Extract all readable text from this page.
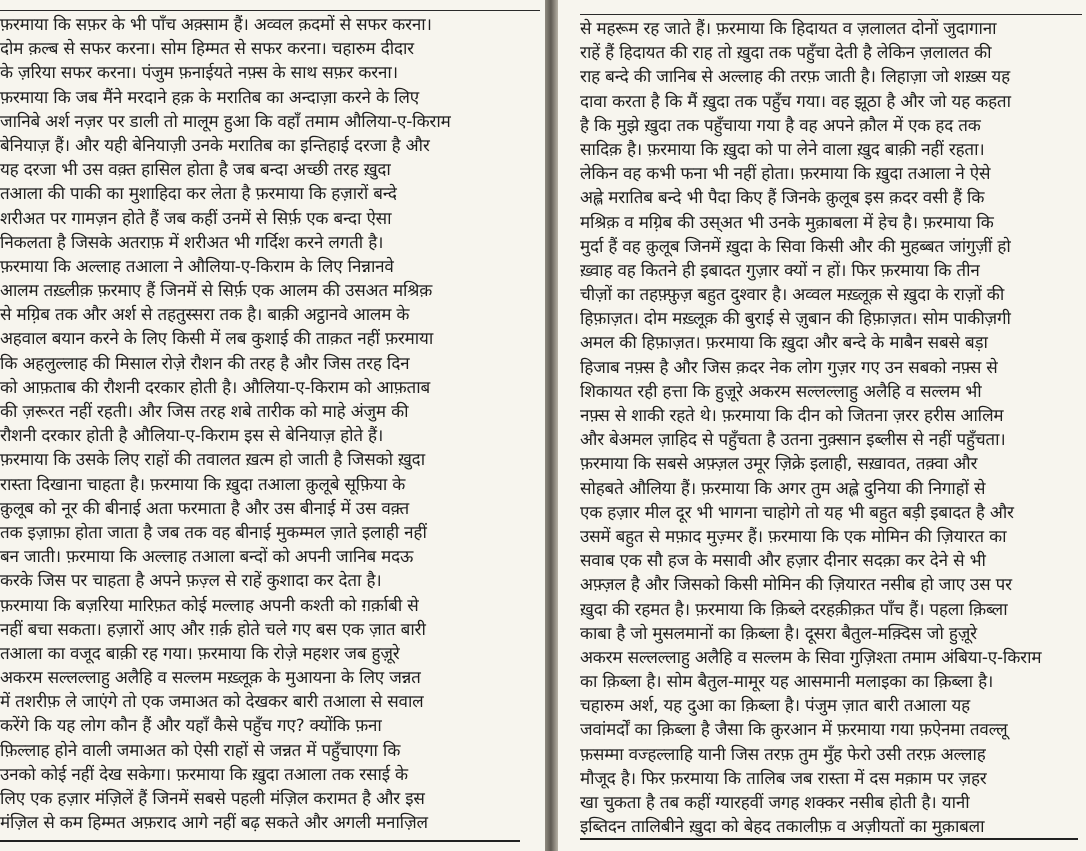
फ़रमाया कि सफ़र के भी पाँच अक़्साम हैं। अव्वल क़दमों से सफर करना।
दोम क़ल्ब से सफर करना। सोम हिम्मत से सफर करना। चहारुम दीदार
के ज़रिया सफर करना। पंजुम फ़नाईयते नफ़्स के साथ सफ़र करना।
फ़रमाया कि जब मैंने मरदाने हक़ के मरातिब का अन्दाज़ा करने के लिए
जानिबे अर्श नज़र पर डाली तो मालूम हुआ कि वहाँ तमाम औलिया-ए-किराम
बेनियाज़ हैं। और यही बेनियाज़ी उनके मरातिब का इन्तिहाई दरजा है और
यह दरजा भी उस वक़्त हासिल होता है जब बन्दा अच्छी तरह ख़ुदा
तआला की पाकी का मुशाहिदा कर लेता है फ़रमाया कि हज़ारों बन्दे
शरीअत पर गामज़न होते हैं जब कहीं उनमें से सिर्फ़ एक बन्दा ऐसा
निकलता है जिसके अतराफ़ में शरीअत भी गर्दिश करने लगती है।
फ़रमाया कि अल्लाह तआला ने औलिया-ए-किराम के लिए निन्नानवे
आलम तख़्लीक़ फ़रमाए हैं जिनमें से सिर्फ़ एक आलम की उसअत मश्रिक़
से मग़्रिब तक और अर्श से तहतुस्सरा तक है। बाक़ी अट्ठानवे आलम के
अहवाल बयान करने के लिए किसी में लब कुशाई की ताक़त नहीं फ़रमाया
कि अहलुल्लाह की मिसाल रोज़े रौशन की तरह है और जिस तरह दिन
को आफ़ताब की रौशनी दरकार होती है। औलिया-ए-किराम को आफ़ताब
की ज़रूरत नहीं रहती। और जिस तरह शबे तारीक को माहे अंजुम की
रौशनी दरकार होती है औलिया-ए-किराम इस से बेनियाज़ होते हैं।
फ़रमाया कि उसके लिए राहों की तवालत ख़त्म हो जाती है जिसको ख़ुदा
रास्ता दिखाना चाहता है। फ़रमाया कि ख़ुदा तआला क़ुलूबे सूफ़िया के
क़ुलूब को नूर की बीनाई अता फरमाता है और उस बीनाई में उस वक़्त
तक इज़ाफ़ा होता जाता है जब तक वह बीनाई मुकम्मल ज़ाते इलाही नहीं
बन जाती। फ़रमाया कि अल्लाह तआला बन्दों को अपनी जानिब मदऊ
करके जिस पर चाहता है अपने फ़ज़्ल से राहें कुशादा कर देता है।
फ़रमाया कि बज़रिया मारिफ़त कोई मल्लाह अपनी कश्ती को ग़र्क़ाबी से
नहीं बचा सकता। हज़ारों आए और ग़र्क़ होते चले गए बस एक ज़ात बारी
तआला का वजूद बाक़ी रह गया। फ़रमाया कि रोज़े महशर जब हुज़ूरे
अकरम सल्लल्लाहु अलैहि व सल्लम मख़्लूक़ के मुआयना के लिए जन्नत
में तशरीफ़ ले जाएंगे तो एक जमाअत को देखकर बारी तआला से सवाल
करेंगे कि यह लोग कौन हैं और यहाँ कैसे पहुँच गए? क्योंकि फ़ना
फ़िल्लाह होने वाली जमाअत को ऐसी राहों से जन्नत में पहुँचाएगा कि
उनको कोई नहीं देख सकेगा। फ़रमाया कि ख़ुदा तआला तक रसाई के
लिए एक हज़ार मंज़िलें हैं जिनमें सबसे पहली मंज़िल करामत है और इस
मंज़िल से कम हिम्मत अफ़राद आगे नहीं बढ़ सकते और अगली मनाज़िल
से महरूम रह जाते हैं। फ़रमाया कि हिदायत व ज़लालत दोनों जुदागाना
राहें हैं हिदायत की राह तो ख़ुदा तक पहुँचा देती है लेकिन ज़लालत की
राह बन्दे की जानिब से अल्लाह की तरफ़ जाती है। लिहाज़ा जो शख़्स यह
दावा करता है कि मैं ख़ुदा तक पहुँच गया। वह झूठा है और जो यह कहता
है कि मुझे ख़ुदा तक पहुँचाया गया है वह अपने क़ौल में एक हद तक
सादिक़ है। फ़रमाया कि ख़ुदा को पा लेने वाला ख़ुद बाक़ी नहीं रहता।
लेकिन वह कभी फना भी नहीं होता। फ़रमाया कि ख़ुदा तआला ने ऐसे
अह्ले मरातिब बन्दे भी पैदा किए हैं जिनके क़ुलूब इस क़दर वसी हैं कि
मश्रिक़ व मग़्रिब की उस्अत भी उनके मुक़ाबला में हेच है। फ़रमाया कि
मुर्दा हैं वह क़ुलूब जिनमें ख़ुदा के सिवा किसी और की मुहब्बत जांगुज़ीं हो
ख़्वाह वह कितने ही इबादत गुज़ार क्यों न हों। फिर फ़रमाया कि तीन
चीज़ों का तहफ़्फ़ुज़ बहुत दुश्वार है। अव्वल मख़्लूक़ से ख़ुदा के राज़ों की
हिफ़ाज़त। दोम मख़्लूक़ की बुराई से ज़ुबान की हिफ़ाज़त। सोम पाकीज़गी
अमल की हिफ़ाज़त। फ़रमाया कि ख़ुदा और बन्दे के माबैन सबसे बड़ा
हिजाब नफ़्स है और जिस क़दर नेक लोग गुज़र गए उन सबको नफ़्स से
शिकायत रही हत्ता कि हुज़ूरे अकरम सल्लल्लाहु अलैहि व सल्लम भी
नफ़्स से शाकी रहते थे। फ़रमाया कि दीन को जितना ज़रर हरीस आलिम
और बेअमल ज़ाहिद से पहुँचता है उतना नुक़्सान इब्लीस से नहीं पहुँचता।
फ़रमाया कि सबसे अफ़्ज़ल उमूर ज़िक्रे इलाही, सख़ावत, तक़्वा और
सोहबते औलिया हैं। फ़रमाया कि अगर तुम अह्ले दुनिया की निगाहों से
एक हज़ार मील दूर भी भागना चाहोगे तो यह भी बहुत बड़ी इबादत है और
उसमें बहुत से मफ़ाद मुज़्मर हैं। फ़रमाया कि एक मोमिन की ज़ियारत का
सवाब एक सौ हज के मसावी और हज़ार दीनार सदक़ा कर देने से भी
अफ़्ज़ल है और जिसको किसी मोमिन की ज़ियारत नसीब हो जाए उस पर
ख़ुदा की रहमत है। फ़रमाया कि क़िब्ले दरहक़ीक़त पाँच हैं। पहला क़िब्ला
काबा है जो मुसलमानों का क़िब्ला है। दूसरा बैतुल-मक़्दिस जो हुज़ूरे
अकरम सल्लल्लाहु अलैहि व सल्लम के सिवा गुज़िश्ता तमाम अंबिया-ए-किराम
का क़िब्ला है। सोम बैतुल-मामूर यह आसमानी मलाइका का क़िब्ला है।
चहारुम अर्श, यह दुआ का क़िब्ला है। पंजुम ज़ात बारी तआला यह
जवांमर्दों का क़िब्ला है जैसा कि क़ुरआन में फ़रमाया गया फ़ऐनमा तवल्लू
फ़सम्मा वज्हल्लाहि यानी जिस तरफ़ तुम मुँह फेरो उसी तरफ़ अल्लाह
मौजूद है। फिर फ़रमाया कि तालिब जब रास्ता में दस मक़ाम पर ज़हर
खा चुकता है तब कहीं ग्यारहवीं जगह शक्कर नसीब होती है। यानी
इब्तिदन तालिबीने ख़ुदा को बेहद तकालीफ़ व अज़ीयतों का मुक़ाबला
